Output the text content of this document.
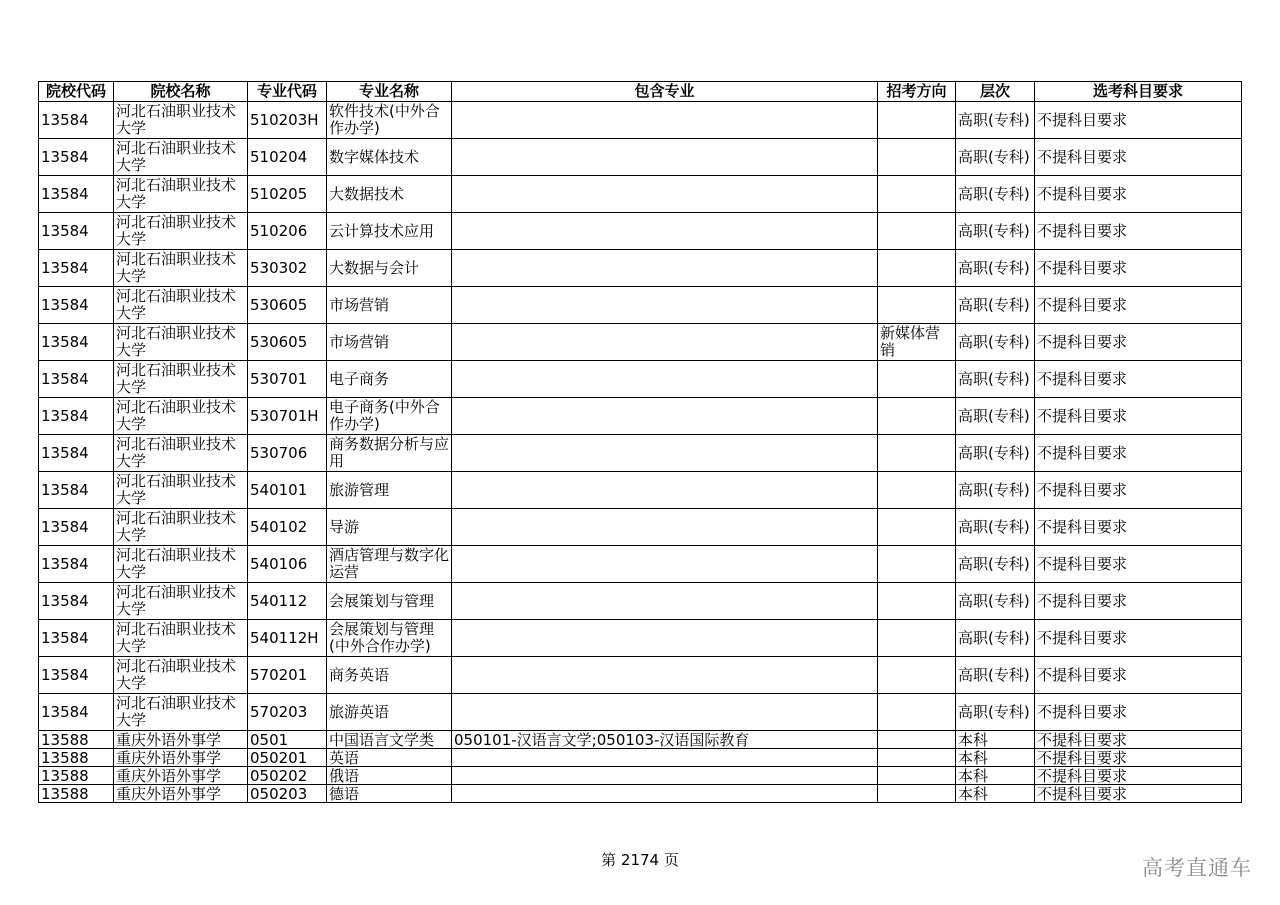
院校代码	院校名称	专业代码	专业名称	包含专业	招考方向	层次	选考科目要求
13584	河北石油职业技术大学	510203H	软件技术(中外合作办学)			高职(专科)	不提科目要求
13584	河北石油职业技术大学	510204	数字媒体技术			高职(专科)	不提科目要求
13584	河北石油职业技术大学	510205	大数据技术			高职(专科)	不提科目要求
13584	河北石油职业技术大学	510206	云计算技术应用			高职(专科)	不提科目要求
13584	河北石油职业技术大学	530302	大数据与会计			高职(专科)	不提科目要求
13584	河北石油职业技术大学	530605	市场营销			高职(专科)	不提科目要求
13584	河北石油职业技术大学	530605	市场营销		新媒体营销	高职(专科)	不提科目要求
13584	河北石油职业技术大学	530701	电子商务			高职(专科)	不提科目要求
13584	河北石油职业技术大学	530701H	电子商务(中外合作办学)			高职(专科)	不提科目要求
13584	河北石油职业技术大学	530706	商务数据分析与应用			高职(专科)	不提科目要求
13584	河北石油职业技术大学	540101	旅游管理			高职(专科)	不提科目要求
13584	河北石油职业技术大学	540102	导游			高职(专科)	不提科目要求
13584	河北石油职业技术大学	540106	酒店管理与数字化运营			高职(专科)	不提科目要求
13584	河北石油职业技术大学	540112	会展策划与管理			高职(专科)	不提科目要求
13584	河北石油职业技术大学	540112H	会展策划与管理(中外合作办学)			高职(专科)	不提科目要求
13584	河北石油职业技术大学	570201	商务英语			高职(专科)	不提科目要求
13584	河北石油职业技术大学	570203	旅游英语			高职(专科)	不提科目要求
13588	重庆外语外事学	0501	中国语言文学类	050101-汉语言文学;050103-汉语国际教育		本科	不提科目要求
13588	重庆外语外事学	050201	英语			本科	不提科目要求
13588	重庆外语外事学	050202	俄语			本科	不提科目要求
13588	重庆外语外事学	050203	德语			本科	不提科目要求
第 2174 页	高考直通车
